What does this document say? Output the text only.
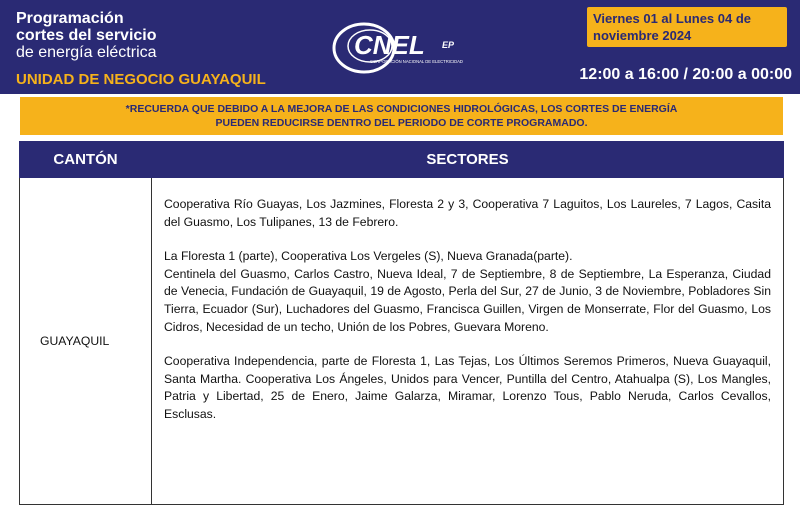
Programación
cortes del servicio
de energía eléctrica
UNIDAD DE NEGOCIO GUAYAQUIL
CNEL EP
CORPORACIÓN NACIONAL DE ELECTRICIDAD
Viernes 01 al Lunes 04 de
noviembre 2024
12:00 a 16:00 / 20:00 a 00:00
*RECUERDA QUE DEBIDO A LA MEJORA DE LAS CONDICIONES HIDROLÓGICAS, LOS CORTES DE ENERGÍA
PUEDEN REDUCIRSE DENTRO DEL PERIODO DE CORTE PROGRAMADO.
CANTÓN	SECTORES
GUAYAQUIL	Cooperativa Río Guayas, Los Jazmines, Floresta 2 y 3, Cooperativa 7 Laguitos, Los Laureles, 7 Lagos, Casita del Guasmo, Los Tulipanes, 13 de Febrero.
La Floresta 1 (parte), Cooperativa Los Vergeles (S), Nueva Granada(parte).
Centinela del Guasmo, Carlos Castro, Nueva Ideal, 7 de Septiembre, 8 de Septiembre, La Esperanza, Ciudad de Venecia, Fundación de Guayaquil, 19 de Agosto, Perla del Sur, 27 de Junio, 3 de Noviembre, Pobladores Sin Tierra, Ecuador (Sur), Luchadores del Guasmo, Francisca Guillen, Virgen de Monserrate, Flor del Guasmo, Los Cidros, Necesidad de un techo, Unión de los Pobres, Guevara Moreno.
Cooperativa Independencia, parte de Floresta 1, Las Tejas, Los Últimos Seremos Primeros, Nueva Guayaquil, Santa Martha. Cooperativa Los Ángeles, Unidos para Vencer, Puntilla del Centro, Atahualpa (S), Los Mangles, Patria y Libertad, 25 de Enero, Jaime Galarza, Miramar, Lorenzo Tous, Pablo Neruda, Carlos Cevallos, Esclusas.
